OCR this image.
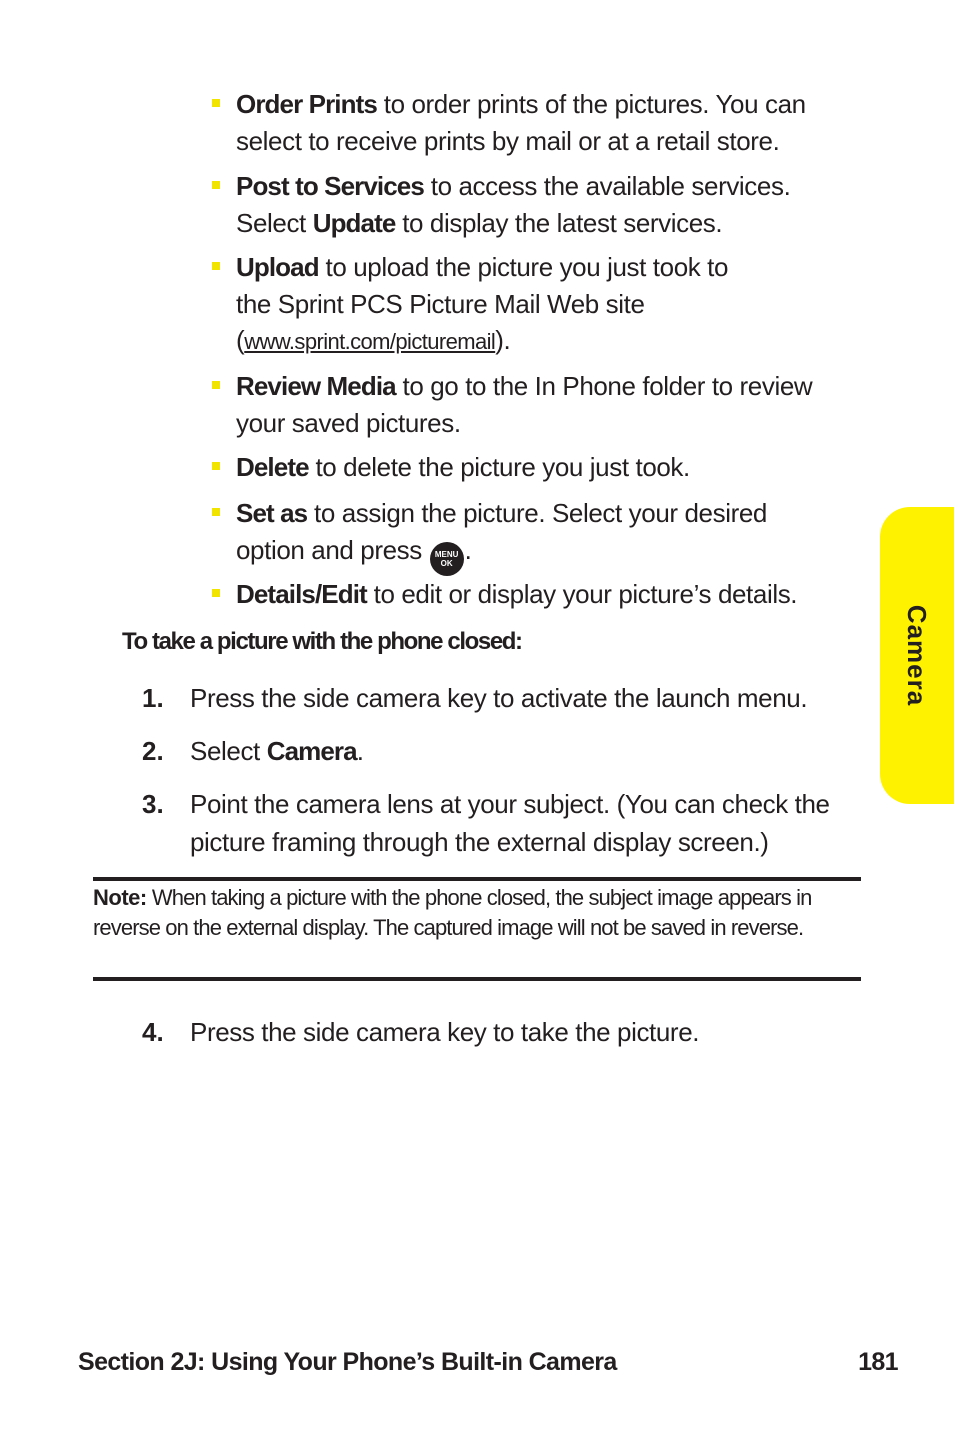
Order Prints to order prints of the pictures. You can select to receive prints by mail or at a retail store.
Post to Services to access the available services. Select Update to display the latest services.
Upload to upload the picture you just took to the Sprint PCS Picture Mail Web site (www.sprint.com/picturemail).
Review Media to go to the In Phone folder to review your saved pictures.
Delete to delete the picture you just took.
Set as to assign the picture. Select your desired option and press MENU
OK .
Details/Edit to edit or display your picture’s details.
To take a picture with the phone closed:
1. Press the side camera key to activate the launch menu.
2. Select Camera.
3. Point the camera lens at your subject. (You can check the picture framing through the external display screen.)
Note: When taking a picture with the phone closed, the subject image appears in reverse on the external display. The captured image will not be saved in reverse.
4. Press the side camera key to take the picture.
Camera
Section 2J: Using Your Phone’s Built-in Camera	181
